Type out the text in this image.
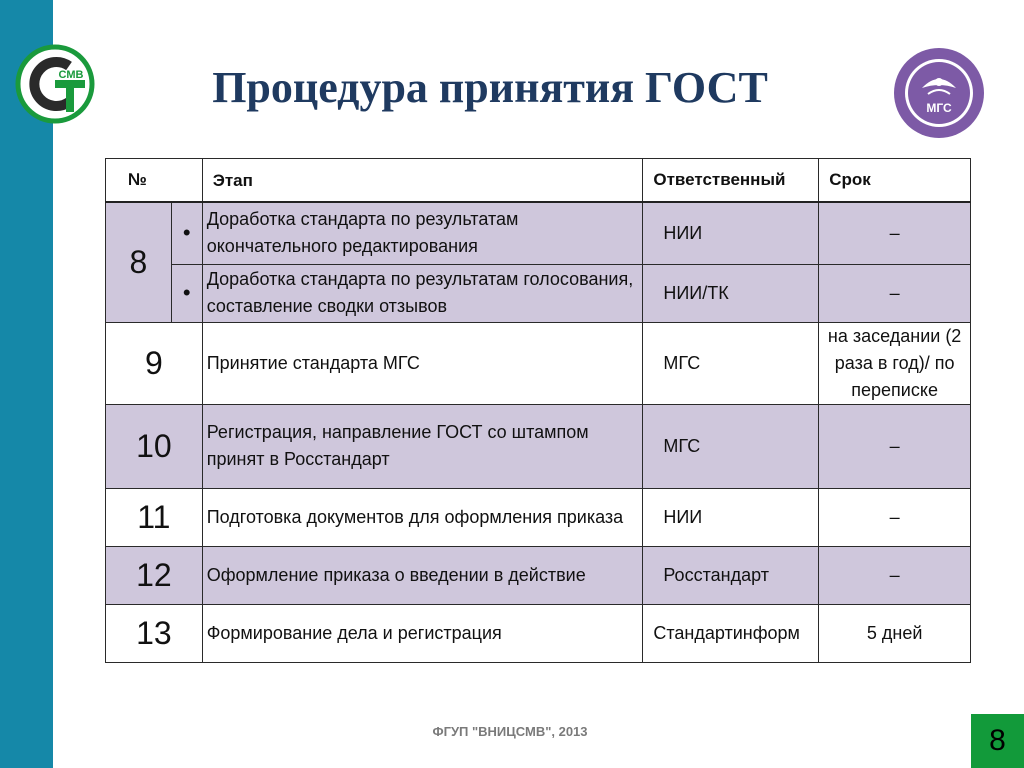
СМВ
МГС
Процедура принятия ГОСТ
№		Этап	Ответственный	Срок
8	•	Доработка стандарта по результатам окончательного редактирования	НИИ	–
	•	Доработка стандарта по результатам голосования, составление сводки отзывов	НИИ/ТК	–
9		Принятие стандарта МГС	МГС	на заседании (2 раза в год)/ по переписке
10		Регистрация, направление ГОСТ со штампом принят в Росстандарт	МГС	–
11		Подготовка документов для оформления приказа	НИИ	–
12		Оформление приказа о введении в действие	Росстандарт	–
13		Формирование дела и регистрация	Стандартинформ	5 дней
ФГУП "ВНИЦСМВ", 2013	8
